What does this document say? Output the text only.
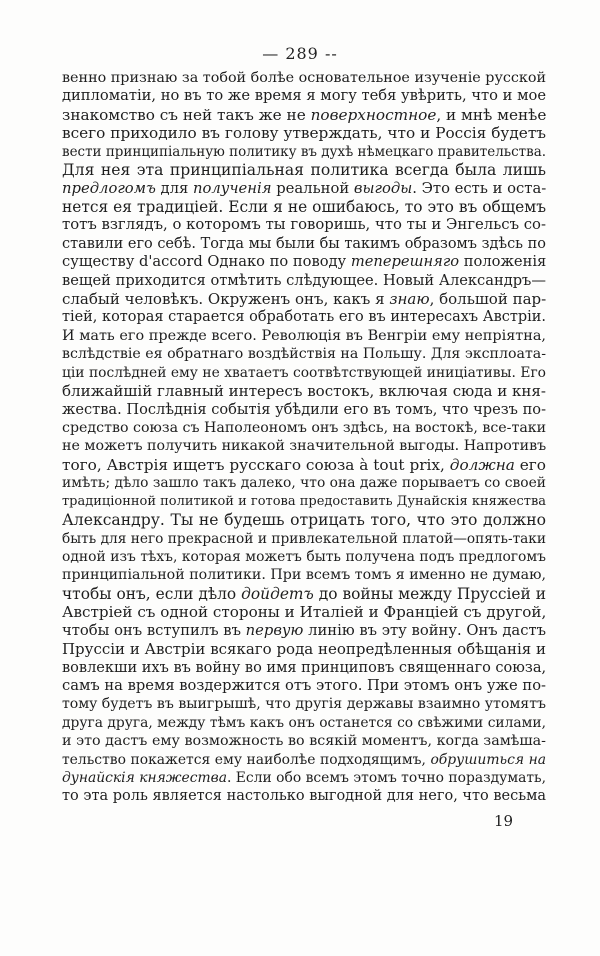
— 289 --
венно признаю за тобой болѣе основательное изученіе русской
дипломатіи, но въ то же время я могу тебя увѣрить, что и мое
знакомство съ ней такъ же не поверхностное, и мнѣ менѣе
всего приходило въ голову утверждать, что и Россія будетъ
вести принципіальную политику въ духѣ нѣмецкаго правительства.
Для нея эта принципіальная политика всегда была лишь
предлогомъ для полученія реальной выгоды. Это есть и оста-
нется ея традиціей. Если я не ошибаюсь, то это въ общемъ
тотъ взглядъ, о которомъ ты говоришь, что ты и Энгельсъ со-
ставили его себѣ. Тогда мы были бы такимъ образомъ здѣсь по
существу d'accord Однако по поводу теперешняго положенія
вещей приходится отмѣтить слѣдующее. Новый Александръ—
слабый человѣкъ. Окруженъ онъ, какъ я знаю, большой пар-
тіей, которая старается обработать его въ интересахъ Австріи.
И мать его прежде всего. Революція въ Венгріи ему непріятна,
вслѣдствіе ея обратнаго воздѣйствія на Польшу. Для эксплоата-
ціи послѣдней ему не хватаетъ соотвѣтствующей иниціативы. Его
ближайшій главный интересъ востокъ, включая сюда и кня-
жества. Послѣднія событія убѣдили его въ томъ, что чрезъ по-
средство союза съ Наполеономъ онъ здѣсь, на востокѣ, все-таки
не можетъ получить никакой значительной выгоды. Напротивъ
того, Австрія ищетъ русскаго союза à tout prix, должна его
имѣть; дѣло зашло такъ далеко, что она даже порываетъ со своей
традиціонной политикой и готова предоставить Дунайскія княжества
Александру. Ты не будешь отрицать того, что это должно
быть для него прекрасной и привлекательной платой—опять-таки
одной изъ тѣхъ, которая можетъ быть получена подъ предлогомъ
принципіальной политики. При всемъ томъ я именно не думаю,
чтобы онъ, если дѣло дойдетъ до войны между Пруссіей и
Австріей съ одной стороны и Италіей и Франціей съ другой,
чтобы онъ вступилъ въ первую линію въ эту войну. Онъ дастъ
Пруссіи и Австріи всякаго рода неопредѣленныя обѣщанія и
вовлекши ихъ въ войну во имя принциповъ священнаго союза,
самъ на время воздержится отъ этого. При этомъ онъ уже по-
томy будетъ въ выигрышѣ, что другія державы взаимно утомятъ
друга друга, между тѣмъ какъ онъ останется со свѣжими силами,
и это дастъ ему возможность во всякій моментъ, когда замѣша-
тельство покажется ему наиболѣе подходящимъ, обрушиться на
дунайскія княжества. Если обо всемъ этомъ точно пораздумать,
то эта роль является настолько выгодной для него, что весьма
19
